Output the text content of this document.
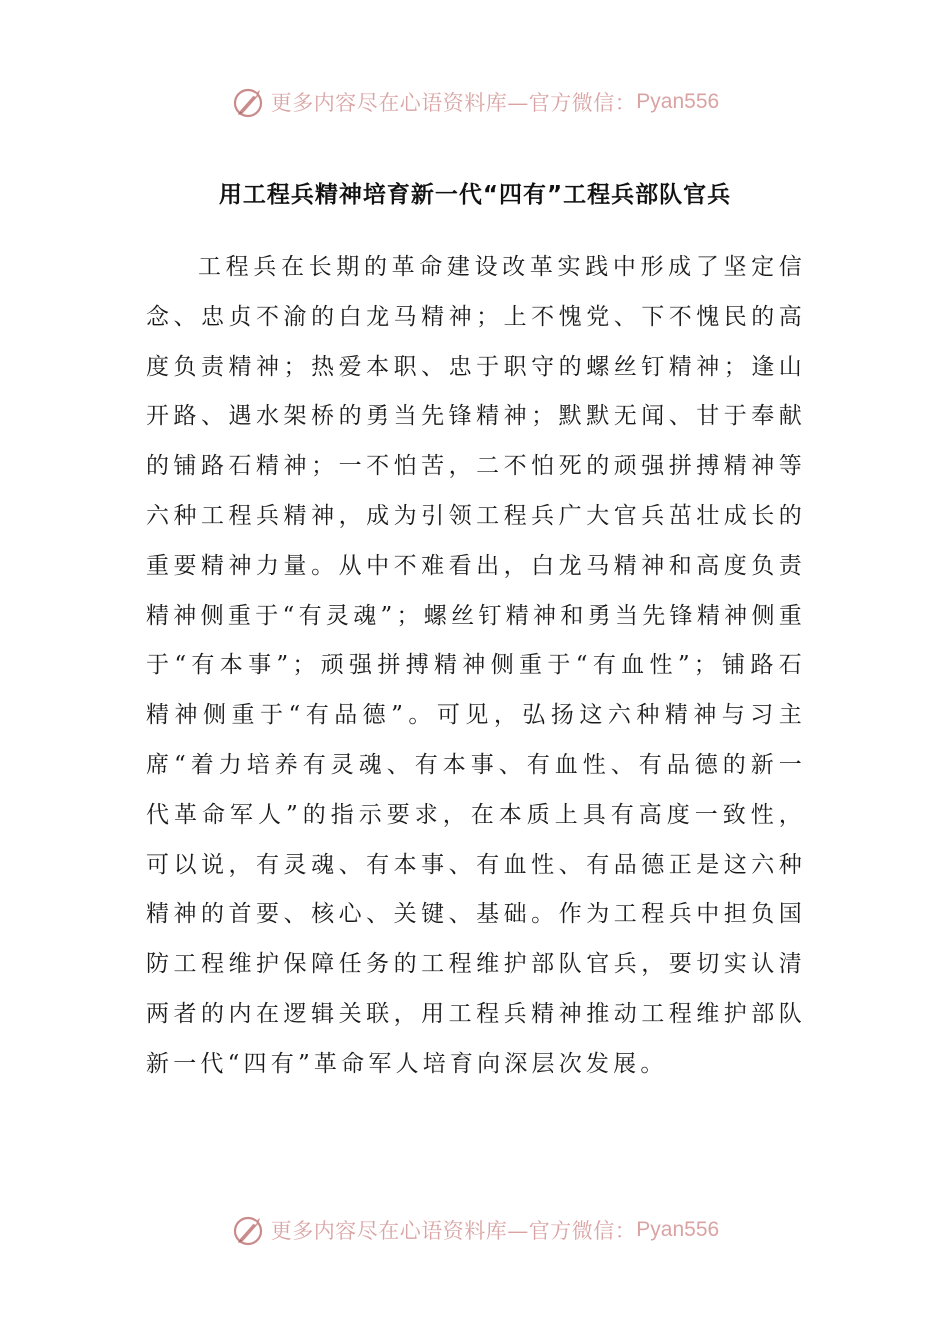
更多内容尽在心语资料库—官方微信： Pyan556
用工程兵精神培育新一代“四有”工程兵部队官兵

工程兵在长期的革命建设改革实践中形成了坚定信念、忠贞不渝的白龙马精神；上不愧党、下不愧民的高度负责精神；热爱本职、忠于职守的螺丝钉精神；逢山开路、遇水架桥的勇当先锋精神；默默无闻、甘于奉献的铺路石精神；一不怕苦，二不怕死的顽强拼搏精神等六种工程兵精神，成为引领工程兵广大官兵茁壮成长的重要精神力量。从中不难看出，白龙马精神和高度负责精神侧重于“有灵魂”；螺丝钉精神和勇当先锋精神侧重于“有本事”；顽强拼搏精神侧重于“有血性”；铺路石精神侧重于“有品德”。可见，弘扬这六种精神与习主席“着力培养有灵魂、有本事、有血性、有品德的新一代革命军人”的指示要求，在本质上具有高度一致性，可以说，有灵魂、有本事、有血性、有品德正是这六种精神的首要、核心、关键、基础。作为工程兵中担负国防工程维护保障任务的工程维护部队官兵，要切实认清两者的内在逻辑关联，用工程兵精神推动工程维护部队新一代“四有”革命军人培育向深层次发展。

更多内容尽在心语资料库—官方微信： Pyan556
